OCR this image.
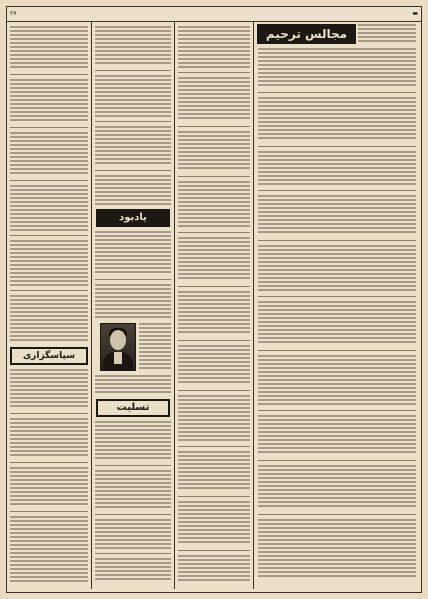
۲۷	▬
مجالس ترحیم
یادبود
تسلیت
سپاسگزاری
